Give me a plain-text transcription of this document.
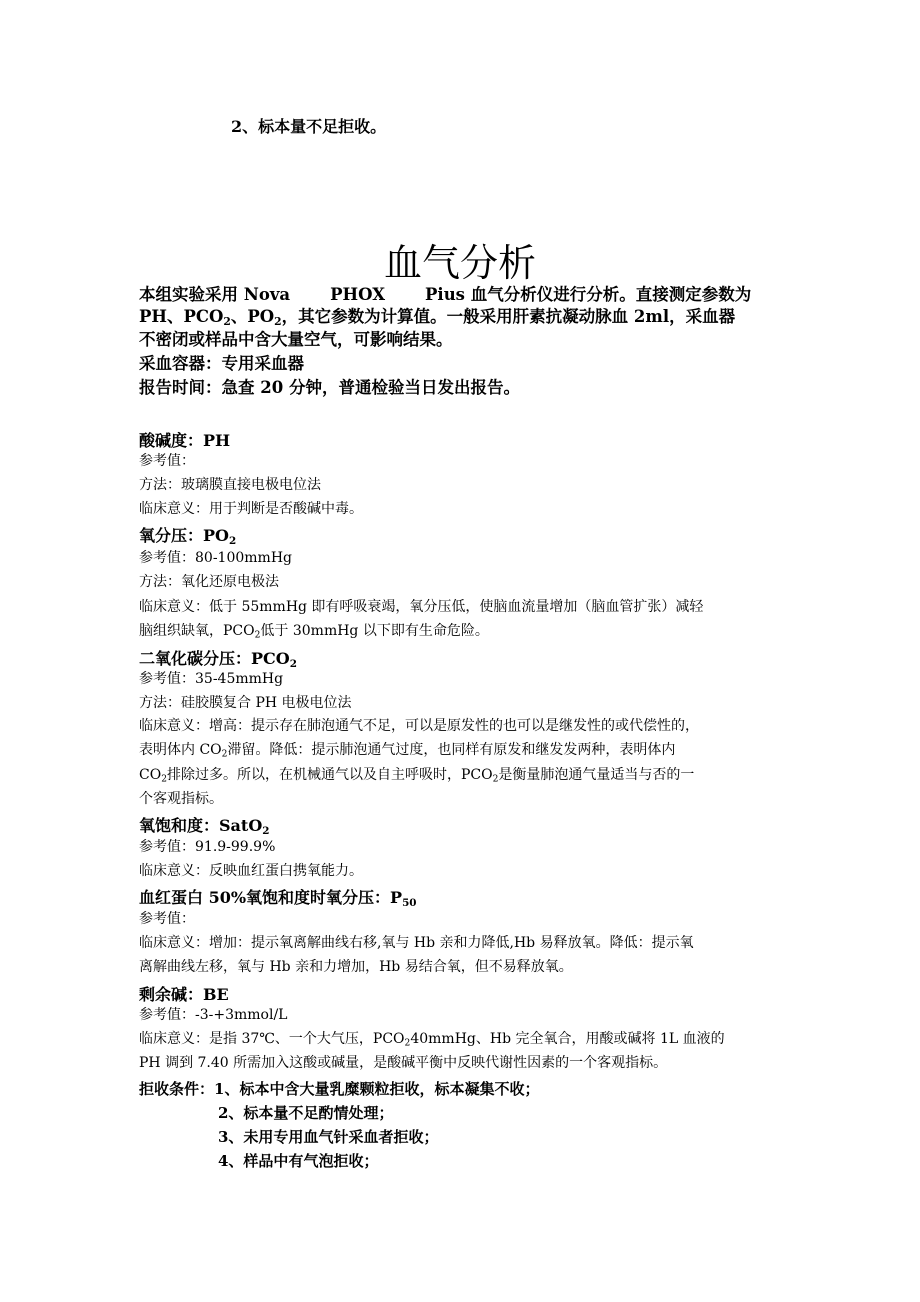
2、标本量不足拒收。
血气分析
本组实验采用 Nova PHOX Pius 血气分析仪进行分析。直接测定参数为
PH、$PCO_2$、$PO_2$，其它参数为计算值。一般采用肝素抗凝动脉血 2ml，采血器
不密闭或样品中含大量空气，可影响结果。
采血容器：专用采血器
报告时间：急查 20 分钟，普通检验当日发出报告。
酸碱度：PH
参考值：
方法：玻璃膜直接电极电位法
临床意义：用于判断是否酸碱中毒。
氧分压：$PO_2$
参考值：80-100mmHg
方法：氧化还原电极法
临床意义：低于 55mmHg 即有呼吸衰竭，氧分压低，使脑血流量增加（脑血管扩张）减轻
脑组织缺氧，$PCO_2$低于 30mmHg 以下即有生命危险。
二氧化碳分压：$PCO_2$
参考值：35-45mmHg
方法：硅胶膜复合 PH 电极电位法
临床意义：增高：提示存在肺泡通气不足，可以是原发性的也可以是继发性的或代偿性的，
表明体内 $CO_2$滞留。降低：提示肺泡通气过度，也同样有原发和继发发两种，表明体内
$CO_2$排除过多。所以，在机械通气以及自主呼吸时，$PCO_2$是衡量肺泡通气量适当与否的一
个客观指标。
氧饱和度：SatO$_2$
参考值：91.9-99.9%
临床意义：反映血红蛋白携氧能力。
血红蛋白 50%氧饱和度时氧分压：$P_{50}$
参考值：
临床意义：增加：提示氧离解曲线右移,氧与 Hb 亲和力降低,Hb 易释放氧。降低：提示氧
离解曲线左移，氧与 Hb 亲和力增加，Hb 易结合氧，但不易释放氧。
剩余碱：BE
参考值：-3-+3mmol/L
临床意义：是指 37℃、一个大气压，$PCO_240mmHg$、Hb 完全氧合，用酸或碱将 1L 血液的
PH 调到 7.40 所需加入这酸或碱量，是酸碱平衡中反映代谢性因素的一个客观指标。
拒收条件：1、标本中含大量乳糜颗粒拒收，标本凝集不收；
2、标本量不足酌情处理；
3、未用专用血气针采血者拒收；
4、样品中有气泡拒收；
